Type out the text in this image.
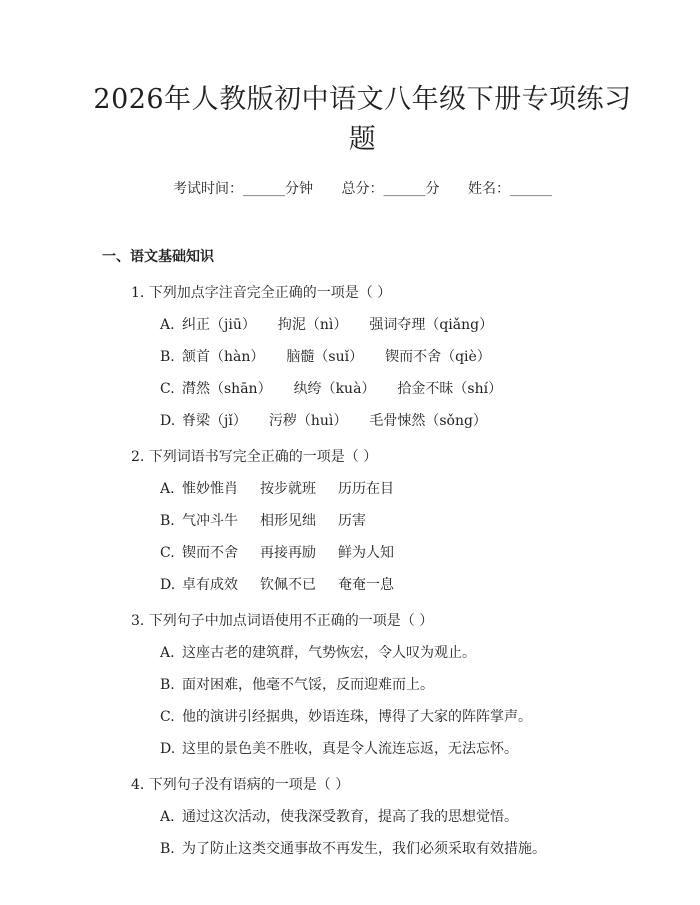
2026年人教版初中语文八年级下册专项练习题
考试时间：______分钟 总分：______分 姓名：______
一、语文基础知识
1. 下列加点字注音完全正确的一项是（ ）
A. 纠正（jiū） 拘泥（nì） 强词夺理（qiǎng）
B. 颔首（hàn） 脑髓（suǐ） 锲而不舍（qiè）
C. 潸然（shān） 纨绔（kuà） 拾金不昧（shí）
D. 脊梁（jǐ） 污秽（huì） 毛骨悚然（sǒng）
2. 下列词语书写完全正确的一项是（ ）
A. 惟妙惟肖 按步就班 历历在目
B. 气冲斗牛 相形见绌 历害
C. 锲而不舍 再接再励 鲜为人知
D. 卓有成效 钦佩不已 奄奄一息
3. 下列句子中加点词语使用不正确的一项是（ ）
A. 这座古老的建筑群，气势恢宏，令人叹为观止。
B. 面对困难，他毫不气馁，反而迎难而上。
C. 他的演讲引经据典，妙语连珠，博得了大家的阵阵掌声。
D. 这里的景色美不胜收，真是令人流连忘返，无法忘怀。
4. 下列句子没有语病的一项是（ ）
A. 通过这次活动，使我深受教育，提高了我的思想觉悟。
B. 为了防止这类交通事故不再发生，我们必须采取有效措施。
